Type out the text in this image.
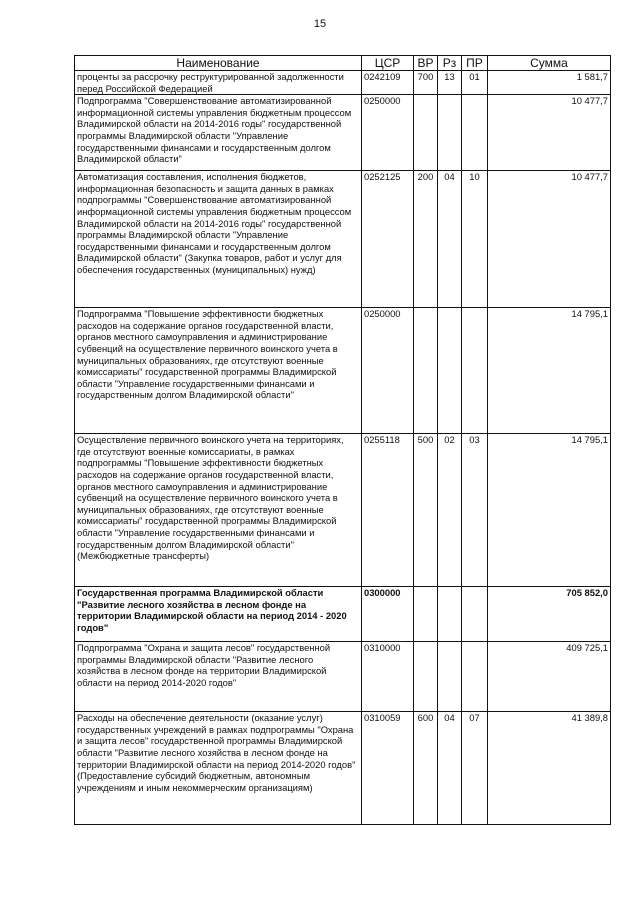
15
Наименование	ЦСР	ВР	Рз	ПР	Сумма
проценты за рассрочку реструктурированной задолженности перед Российской Федерацией	0242109	700	13	01	1 581,7
Подпрограмма "Совершенствование автоматизированной информационной системы управления бюджетным процессом Владимирской области на 2014-2016 годы" государственной программы Владимирской области "Управление государственными финансами и государственным долгом Владимирской области"	0250000				10 477,7
Автоматизация составления, исполнения бюджетов, информационная безопасность и защита данных в рамках подпрограммы "Совершенствование автоматизированной информационной системы управления бюджетным процессом Владимирской области на 2014-2016 годы" государственной программы Владимирской области "Управление государственными финансами и государственным долгом Владимирской области" (Закупка товаров, работ и услуг для обеспечения государственных (муниципальных) нужд)	0252125	200	04	10	10 477,7
Подпрограмма "Повышение эффективности бюджетных расходов на содержание органов государственной власти, органов местного самоуправления и администрирование субвенций на осуществление первичного воинского учета в муниципальных образованиях, где отсутствуют военные комиссариаты" государственной программы Владимирской области "Управление государственными финансами и государственным долгом Владимирской области"	0250000				14 795,1
Осуществление первичного воинского учета на территориях, где отсутствуют военные комиссариаты, в рамках подпрограммы "Повышение эффективности бюджетных расходов на содержание органов государственной власти, органов местного самоуправления и администрирование субвенций на осуществление первичного воинского учета в муниципальных образованиях, где отсутствуют военные комиссариаты" государственной программы Владимирской области "Управление государственными финансами и государственным долгом Владимирской области" (Межбюджетные трансферты)	0255118	500	02	03	14 795,1
Государственная программа Владимирской области "Развитие лесного хозяйства в лесном фонде на территории Владимирской области на период 2014 - 2020 годов"	0300000				705 852,0
Подпрограмма "Охрана и защита лесов" государственной программы Владимирской области "Развитие лесного хозяйства в лесном фонде на территории Владимирской области на период 2014-2020 годов"	0310000				409 725,1
Расходы на обеспечение деятельности (оказание услуг) государственных учреждений в рамках подпрограммы "Охрана и защита лесов" государственной программы Владимирской области "Развитие лесного хозяйства в лесном фонде на территории Владимирской области на период 2014-2020 годов" (Предоставление субсидий бюджетным, автономным учреждениям и иным некоммерческим организациям)	0310059	600	04	07	41 389,8
